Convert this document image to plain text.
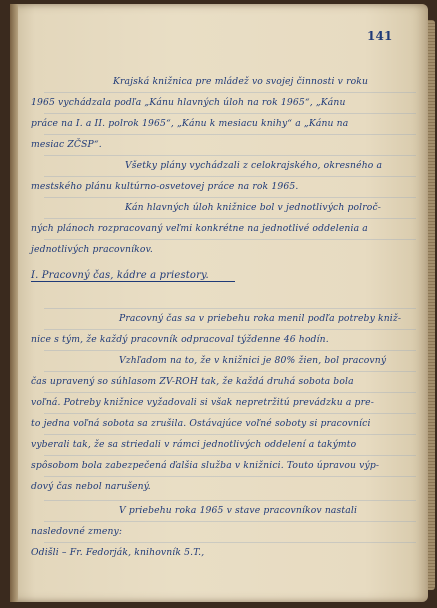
141
Krajská knižnica pre mládež vo svojej činnosti v roku
1965 vychádzala podľa „Kánu hlavných úloh na rok 1965“, „Kánu
práce na I. a II. polrok 1965“, „Kánu k mesiacu knihy“ a „Kánu na
mesiac ZČSP“.
Všetky plány vychádzali z celokrajského, okresného a
mestského plánu kultúrno-osvetovej práce na rok 1965.
Kán hlavných úloh knižnice bol v jednotlivých polroč-
ných plánoch rozpracovaný veľmi konkrétne na jednotlivé oddelenia a
jednotlivých pracovníkov.
I. Pracovný čas, kádre a priestory.
Pracovný čas sa v priebehu roka menil podľa potreby kniž-
nice s tým, že každý pracovník odpracoval týždenne 46 hodín.
Vzhľadom na to, že v knižnici je 80% žien, bol pracovný
čas upravený so súhlasom ZV-ROH tak, že každá druhá sobota bola
voľná. Potreby knižnice vyžadovali si však nepretržitú prevádzku a pre-
to jedna voľná sobota sa zrušila. Ostávajúce voľné soboty si pracovníci
vyberali tak, že sa striedali v rámci jednotlivých oddelení a takýmto
spôsobom bola zabezpečená ďalšia služba v knižnici. Touto úpravou výp-
dový čas nebol narušený.
V priebehu roka 1965 v stave pracovníkov nastali
nasledovné zmeny:
Odišli – Fr. Fedorják, knihovník 5.T.,
